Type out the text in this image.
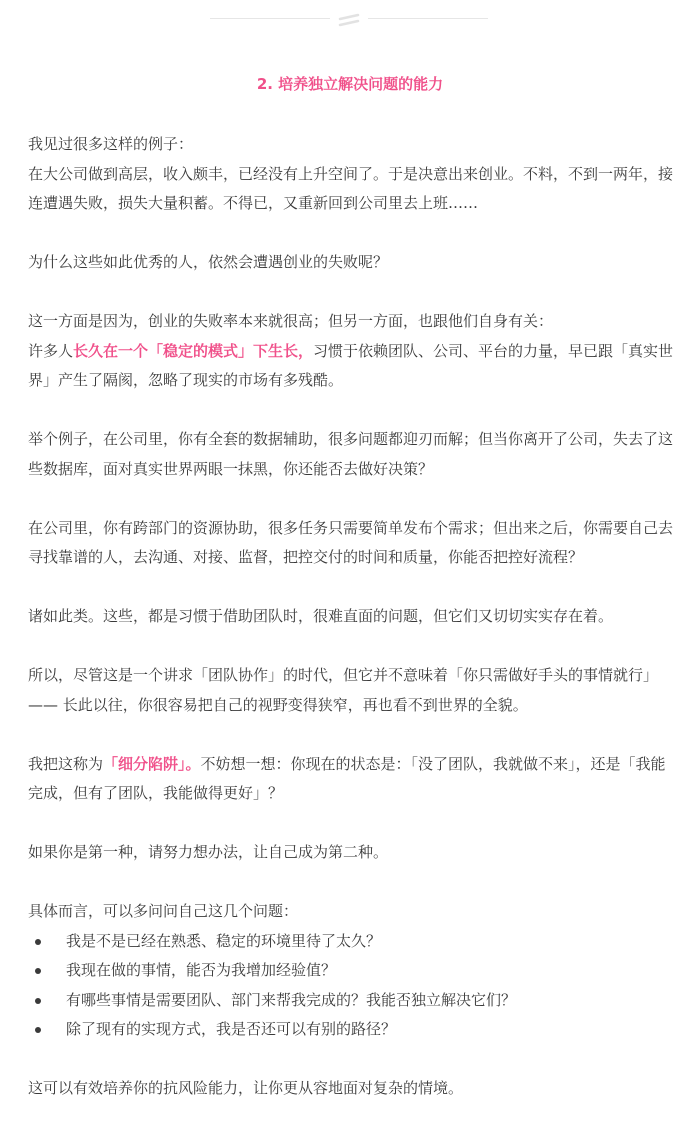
2. 培养独立解决问题的能力

我见过很多这样的例子：
在大公司做到高层，收入颇丰，已经没有上升空间了。于是决意出来创业。不料，不到一两年，接连遭遇失败，损失大量积蓄。不得已，又重新回到公司里去上班……

为什么这些如此优秀的人，依然会遭遇创业的失败呢？

这一方面是因为，创业的失败率本来就很高；但另一方面，也跟他们自身有关：
许多人长久在一个「稳定的模式」下生长，习惯于依赖团队、公司、平台的力量，早已跟「真实世界」产生了隔阂，忽略了现实的市场有多残酷。

举个例子，在公司里，你有全套的数据辅助，很多问题都迎刃而解；但当你离开了公司，失去了这些数据库，面对真实世界两眼一抹黑，你还能否去做好决策？

在公司里，你有跨部门的资源协助，很多任务只需要简单发布个需求；但出来之后，你需要自己去寻找靠谱的人，去沟通、对接、监督，把控交付的时间和质量，你能否把控好流程？

诸如此类。这些，都是习惯于借助团队时，很难直面的问题，但它们又切切实实存在着。

所以，尽管这是一个讲求「团队协作」的时代，但它并不意味着「你只需做好手头的事情就行」—— 长此以往，你很容易把自己的视野变得狭窄，再也看不到世界的全貌。

我把这称为「细分陷阱」。不妨想一想：你现在的状态是：「没了团队，我就做不来」，还是「我能完成，但有了团队，我能做得更好」？

如果你是第一种，请努力想办法，让自己成为第二种。

具体而言，可以多问问自己这几个问题：
我是不是已经在熟悉、稳定的环境里待了太久？
我现在做的事情，能否为我增加经验值？
有哪些事情是需要团队、部门来帮我完成的？我能否独立解决它们？
除了现有的实现方式，我是否还可以有别的路径？

这可以有效培养你的抗风险能力，让你更从容地面对复杂的情境。
